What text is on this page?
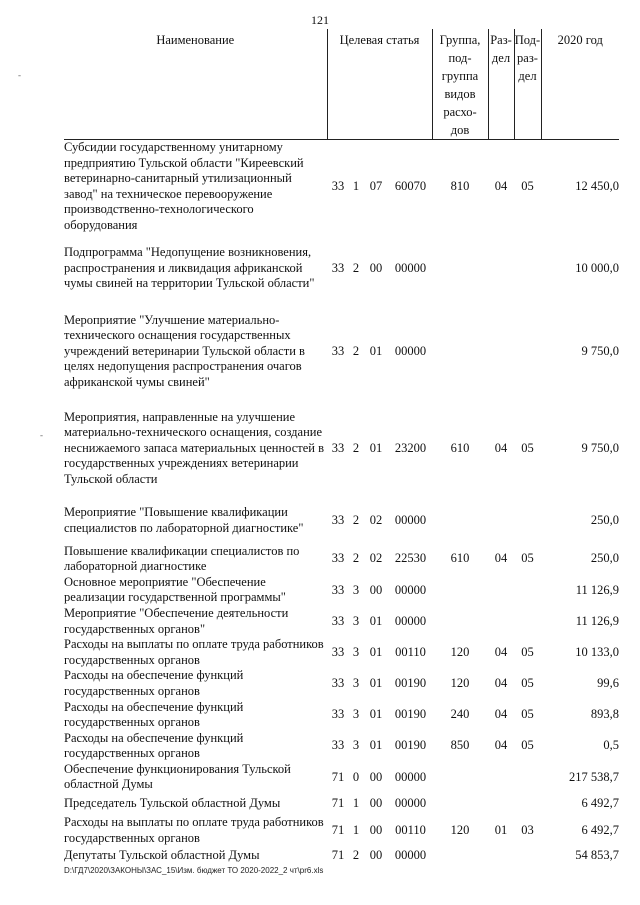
121
Наименование	Целевая статья				Группа, под-группа видов расхо-дов	Раз-дел	Под-раз-дел	2020 год
Субсидии государственному унитарному предприятию Тульской области "Киреевский ветеринарно-санитарный утилизационный завод" на техническое перевооружение производственно-технологического оборудования	33	1	07	60070	810	04	05	12 450,0
Подпрограмма "Недопущение возникновения, распространения и ликвидация африканской чумы свиней на территории Тульской области"	33	2	00	00000				10 000,0
Мероприятие "Улучшение материально-технического оснащения государственных учреждений ветеринарии Тульской области в целях недопущения распространения очагов африканской чумы свиней"	33	2	01	00000				9 750,0
Мероприятия, направленные на улучшение материально-технического оснащения, создание неснижаемого запаса материальных ценностей в государственных учреждениях ветеринарии Тульской области	33	2	01	23200	610	04	05	9 750,0
Мероприятие "Повышение квалификации специалистов по лабораторной диагностике"	33	2	02	00000				250,0
Повышение квалификации специалистов по лабораторной диагностике	33	2	02	22530	610	04	05	250,0
Основное мероприятие "Обеспечение реализации государственной программы"	33	3	00	00000				11 126,9
Мероприятие "Обеспечение деятельности государственных органов"	33	3	01	00000				11 126,9
Расходы на выплаты по оплате труда работников государственных органов	33	3	01	00110	120	04	05	10 133,0
Расходы на обеспечение функций государственных органов	33	3	01	00190	120	04	05	99,6
Расходы на обеспечение функций государственных органов	33	3	01	00190	240	04	05	893,8
Расходы на обеспечение функций государственных органов	33	3	01	00190	850	04	05	0,5
Обеспечение функционирования Тульской областной Думы	71	0	00	00000				217 538,7
Председатель Тульской областной Думы	71	1	00	00000				6 492,7
Расходы на выплаты по оплате труда работников государственных органов	71	1	00	00110	120	01	03	6 492,7
Депутаты Тульской областной Думы	71	2	00	00000				54 853,7
D:\ГД7\2020\ЗАКОНЫ\ЗАС_15\Изм. бюджет ТО 2020-2022_2 чт\pr6.xls
-
-
